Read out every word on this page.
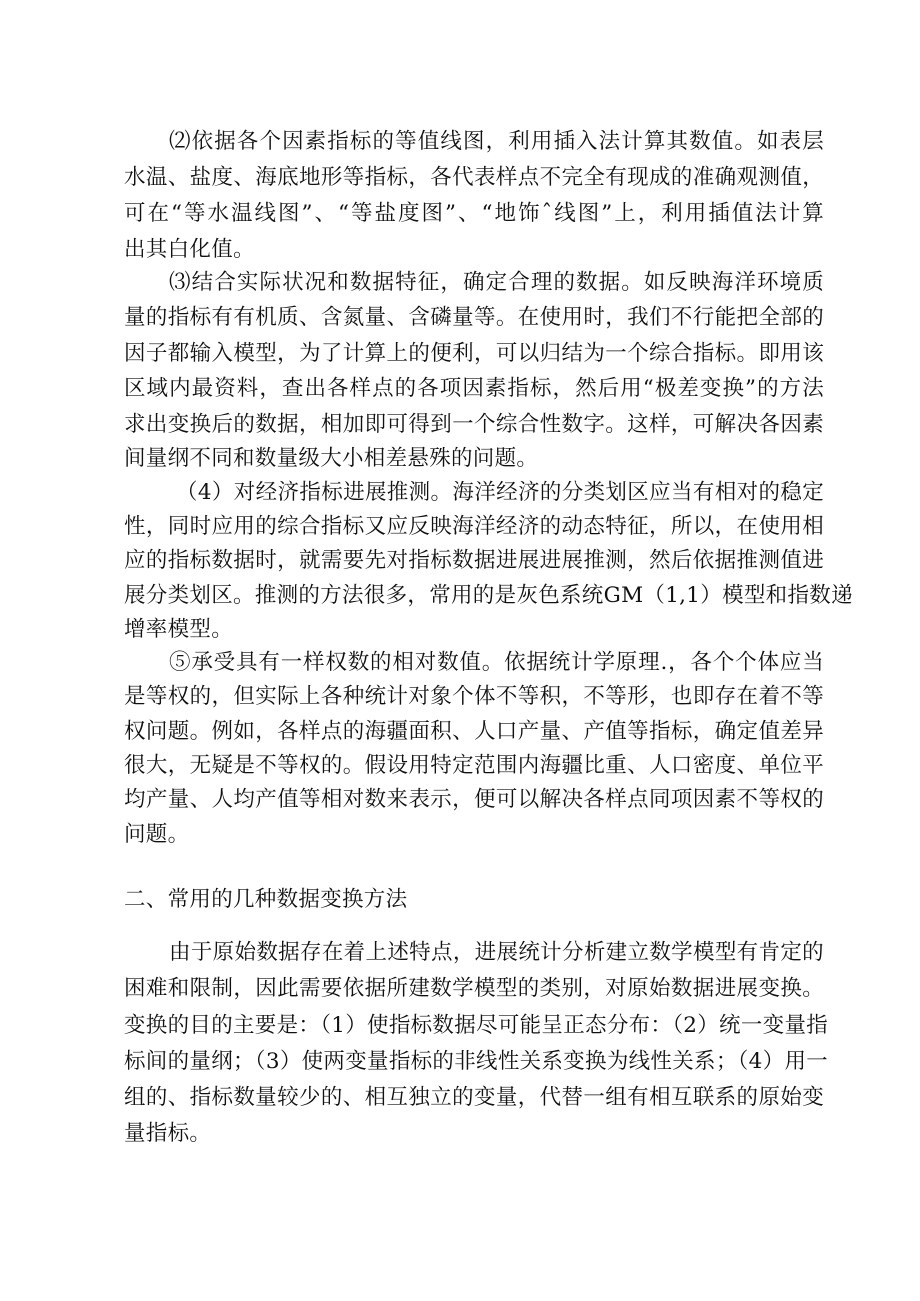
⑵依据各个因素指标的等值线图，利用插入法计算其数值。如表层
水温、盐度、海底地形等指标，各代表样点不完全有现成的准确观测值，
可在“等水温线图”、“等盐度图”、“地饰ˆ线图”上，利用插值法计算
出其白化值。
⑶结合实际状况和数据特征，确定合理的数据。如反映海洋环境质
量的指标有有机质、含氮量、含磷量等。在使用时，我们不行能把全部的
因子都输入模型，为了计算上的便利，可以归结为一个综合指标。即用该
区域内最资料，查出各样点的各项因素指标，然后用“极差变换”的方法
求出变换后的数据，相加即可得到一个综合性数字。这样，可解决各因素
间量纲不同和数量级大小相差悬殊的问题。
（4）对经济指标进展推测。海洋经济的分类划区应当有相对的稳定
性，同时应用的综合指标又应反映海洋经济的动态特征，所以，在使用相
应的指标数据时，就需要先对指标数据进展进展推测，然后依据推测值进
展分类划区。推测的方法很多，常用的是灰色系统GM（1,1）模型和指数递
增率模型。
⑤承受具有一样权数的相对数值。依据统计学原理.，各个个体应当
是等权的，但实际上各种统计对象个体不等积，不等形，也即存在着不等
权问题。例如，各样点的海疆面积、人口产量、产值等指标，确定值差异
很大，无疑是不等权的。假设用特定范围内海疆比重、人口密度、单位平
均产量、人均产值等相对数来表示，便可以解决各样点同项因素不等权的
问题。
二、常用的几种数据变换方法
由于原始数据存在着上述特点，进展统计分析建立数学模型有肯定的
困难和限制，因此需要依据所建数学模型的类别，对原始数据进展变换。
变换的目的主要是：（1）使指标数据尽可能呈正态分布：（2）统一变量指
标间的量纲；（3）使两变量指标的非线性关系变换为线性关系；（4）用一
组的、指标数量较少的、相互独立的变量，代替一组有相互联系的原始变
量指标。
